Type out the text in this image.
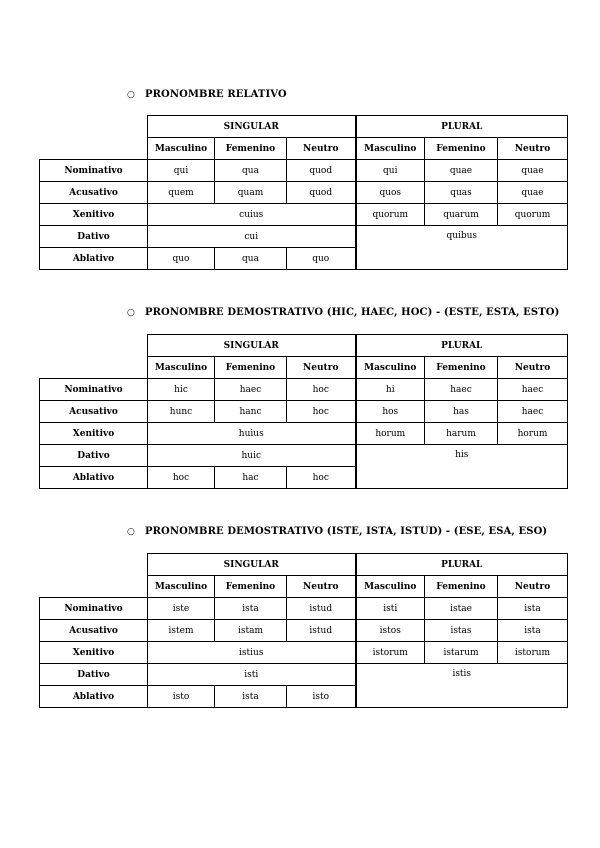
○ PRONOMBRE RELATIVO
	SINGULAR			PLURAL		
	Masculino	Femenino	Neutro	Masculino	Femenino	Neutro
Nominativo	qui	qua	quod	qui	quae	quae
Acusativo	quem	quam	quod	quos	quas	quae
Xenitivo	cuius			quorum	quarum	quorum
Dativo	cui			quibus		
Ablativo	quo	qua	quo			
○ PRONOMBRE DEMOSTRATIVO (HIC, HAEC, HOC) - (ESTE, ESTA, ESTO)
	SINGULAR			PLURAL		
	Masculino	Femenino	Neutro	Masculino	Femenino	Neutro
Nominativo	hic	haec	hoc	hi	haec	haec
Acusativo	hunc	hanc	hoc	hos	has	haec
Xenitivo	huius			horum	harum	horum
Dativo	huic			his		
Ablativo	hoc	hac	hoc			
○ PRONOMBRE DEMOSTRATIVO (ISTE, ISTA, ISTUD) - (ESE, ESA, ESO)
	SINGULAR			PLURAL		
	Masculino	Femenino	Neutro	Masculino	Femenino	Neutro
Nominativo	iste	ista	istud	isti	istae	ista
Acusativo	istem	istam	istud	istos	istas	ista
Xenitivo	istius			istorum	istarum	istorum
Dativo	isti			istis		
Ablativo	isto	ista	isto			
